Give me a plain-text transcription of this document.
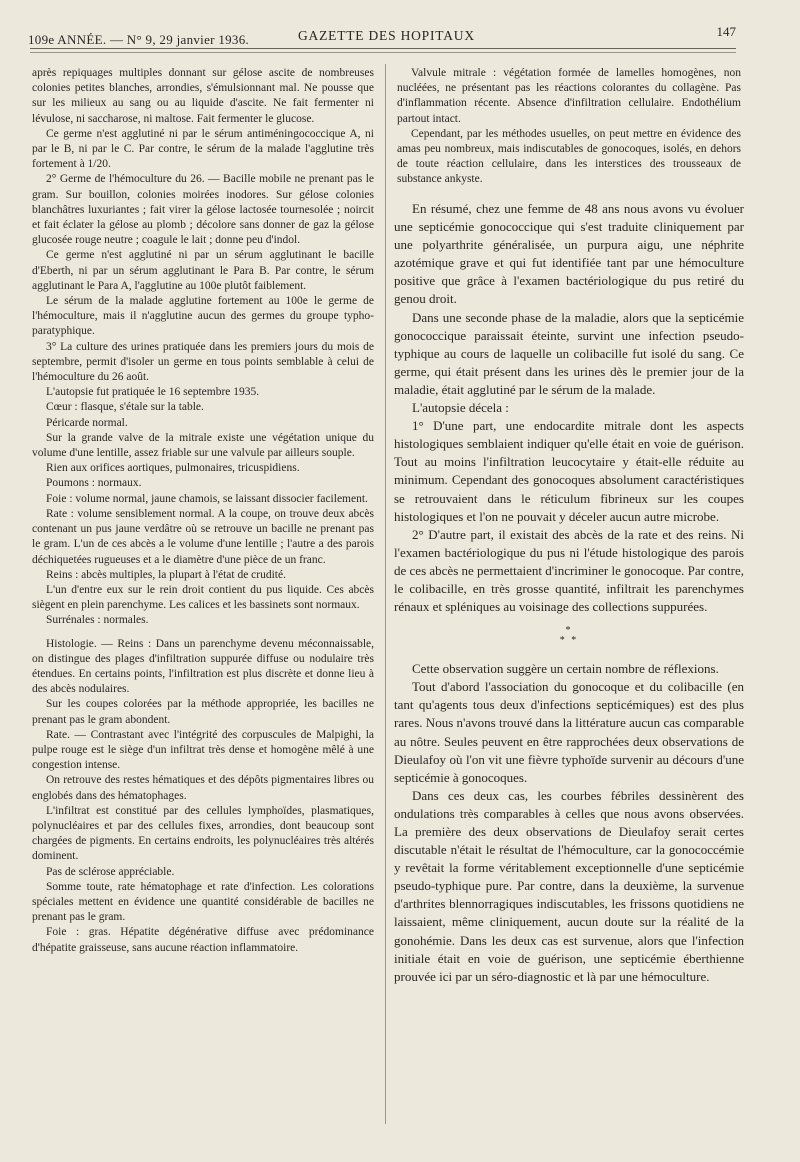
109e ANNÉE. — N° 9, 29 janvier 1936.	GAZETTE DES HOPITAUX	147

après repiquages multiples donnant sur gélose ascite de nombreuses colonies petites blanches, arrondies, s'émulsionnant mal. Ne pousse que sur les milieux au sang ou au liquide d'ascite. Ne fait fermenter ni lévulose, ni saccharose, ni maltose. Fait fermenter le glucose.

Ce germe n'est agglutiné ni par le sérum antiméningococcique A, ni par le B, ni par le C. Par contre, le sérum de la malade l'agglutine très fortement à 1/20.

2° Germe de l'hémoculture du 26. — Bacille mobile ne prenant pas le gram. Sur bouillon, colonies moirées inodores. Sur gélose colonies blanchâtres luxuriantes ; fait virer la gélose lactosée tournesolée ; noircit et fait éclater la gélose au plomb ; décolore sans donner de gaz la gélose glucosée rouge neutre ; coagule le lait ; donne peu d'indol.

Ce germe n'est agglutiné ni par un sérum agglutinant le bacille d'Eberth, ni par un sérum agglutinant le Para B. Par contre, le sérum agglutinant le Para A, l'agglutine au 100e plutôt faiblement.

Le sérum de la malade agglutine fortement au 100e le germe de l'hémoculture, mais il n'agglutine aucun des germes du groupe typho-paratyphique.

3° La culture des urines pratiquée dans les premiers jours du mois de septembre, permit d'isoler un germe en tous points semblable à celui de l'hémoculture du 26 août.

L'autopsie fut pratiquée le 16 septembre 1935.

Cœur : flasque, s'étale sur la table.

Péricarde normal.

Sur la grande valve de la mitrale existe une végétation unique du volume d'une lentille, assez friable sur une valvule par ailleurs souple.

Rien aux orifices aortiques, pulmonaires, tricuspidiens.

Poumons : normaux.

Foie : volume normal, jaune chamois, se laissant dissocier facilement.

Rate : volume sensiblement normal. A la coupe, on trouve deux abcès contenant un pus jaune verdâtre où se retrouve un bacille ne prenant pas le gram. L'un de ces abcès a le volume d'une lentille ; l'autre a des parois déchiquetées rugueuses et a le diamètre d'une pièce de un franc.

Reins : abcès multiples, la plupart à l'état de crudité.

L'un d'entre eux sur le rein droit contient du pus liquide. Ces abcès siègent en plein parenchyme. Les calices et les bassinets sont normaux.

Surrénales : normales.

Histologie. — Reins : Dans un parenchyme devenu méconnaissable, on distingue des plages d'infiltration suppurée diffuse ou nodulaire très étendues. En certains points, l'infiltration est plus discrète et donne lieu à des abcès nodulaires.

Sur les coupes colorées par la méthode appropriée, les bacilles ne prenant pas le gram abondent.

Rate. — Contrastant avec l'intégrité des corpuscules de Malpighi, la pulpe rouge est le siège d'un infiltrat très dense et homogène mêlé à une congestion intense.

On retrouve des restes hématiques et des dépôts pigmentaires libres ou englobés dans des hématophages.

L'infiltrat est constitué par des cellules lymphoïdes, plasmatiques, polynucléaires et par des cellules fixes, arrondies, dont beaucoup sont chargées de pigments. En certains endroits, les polynucléaires très altérés dominent.

Pas de sclérose appréciable.

Somme toute, rate hématophage et rate d'infection. Les colorations spéciales mettent en évidence une quantité considérable de bacilles ne prenant pas le gram.

Foie : gras. Hépatite dégénérative diffuse avec prédominance d'hépatite graisseuse, sans aucune réaction inflammatoire.

Valvule mitrale : végétation formée de lamelles homogènes, non nucléées, ne présentant pas les réactions colorantes du collagène. Pas d'inflammation récente. Absence d'infiltration cellulaire. Endothélium partout intact.

Cependant, par les méthodes usuelles, on peut mettre en évidence des amas peu nombreux, mais indiscutables de gonocoques, isolés, en dehors de toute réaction cellulaire, dans les interstices des trousseaux de substance ankyste.

En résumé, chez une femme de 48 ans nous avons vu évoluer une septicémie gonococcique qui s'est traduite cliniquement par une polyarthrite généralisée, un purpura aigu, une néphrite azotémique grave et qui fut identifiée tant par une hémoculture positive que grâce à l'examen bactériologique du pus retiré du genou droit.

Dans une seconde phase de la maladie, alors que la septicémie gonococcique paraissait éteinte, survint une infection pseudo-typhique au cours de laquelle un colibacille fut isolé du sang. Ce germe, qui était présent dans les urines dès le premier jour de la maladie, était agglutiné par le sérum de la malade.

L'autopsie décela :

1° D'une part, une endocardite mitrale dont les aspects histologiques semblaient indiquer qu'elle était en voie de guérison. Tout au moins l'infiltration leucocytaire y était-elle réduite au minimum. Cependant des gonocoques absolument caractéristiques se retrouvaient dans le réticulum fibrineux sur les coupes histologiques et l'on ne pouvait y déceler aucun autre microbe.

2° D'autre part, il existait des abcès de la rate et des reins. Ni l'examen bactériologique du pus ni l'étude histologique des parois de ces abcès ne permettaient d'incriminer le gonocoque. Par contre, le colibacille, en très grosse quantité, infiltrait les parenchymes rénaux et spléniques au voisinage des collections suppurées.

*
* *

Cette observation suggère un certain nombre de réflexions.

Tout d'abord l'association du gonocoque et du colibacille (en tant qu'agents tous deux d'infections septicémiques) est des plus rares. Nous n'avons trouvé dans la littérature aucun cas comparable au nôtre. Seules peuvent en être rapprochées deux observations de Dieulafoy où l'on vit une fièvre typhoïde survenir au décours d'une septicémie à gonocoques.

Dans ces deux cas, les courbes fébriles dessinèrent des ondulations très comparables à celles que nous avons observées. La première des deux observations de Dieulafoy serait certes discutable n'était le résultat de l'hémoculture, car la gonococcémie y revêtait la forme véritablement exceptionnelle d'une septicémie pseudo-typhique pure. Par contre, dans la deuxième, la survenue d'arthrites blennorragiques indiscutables, les frissons quotidiens ne laissaient, même cliniquement, aucun doute sur la réalité de la gonohémie. Dans les deux cas est survenue, alors que l'infection initiale était en voie de guérison, une septicémie éberthienne prouvée ici par un séro-diagnostic et là par une hémoculture.
